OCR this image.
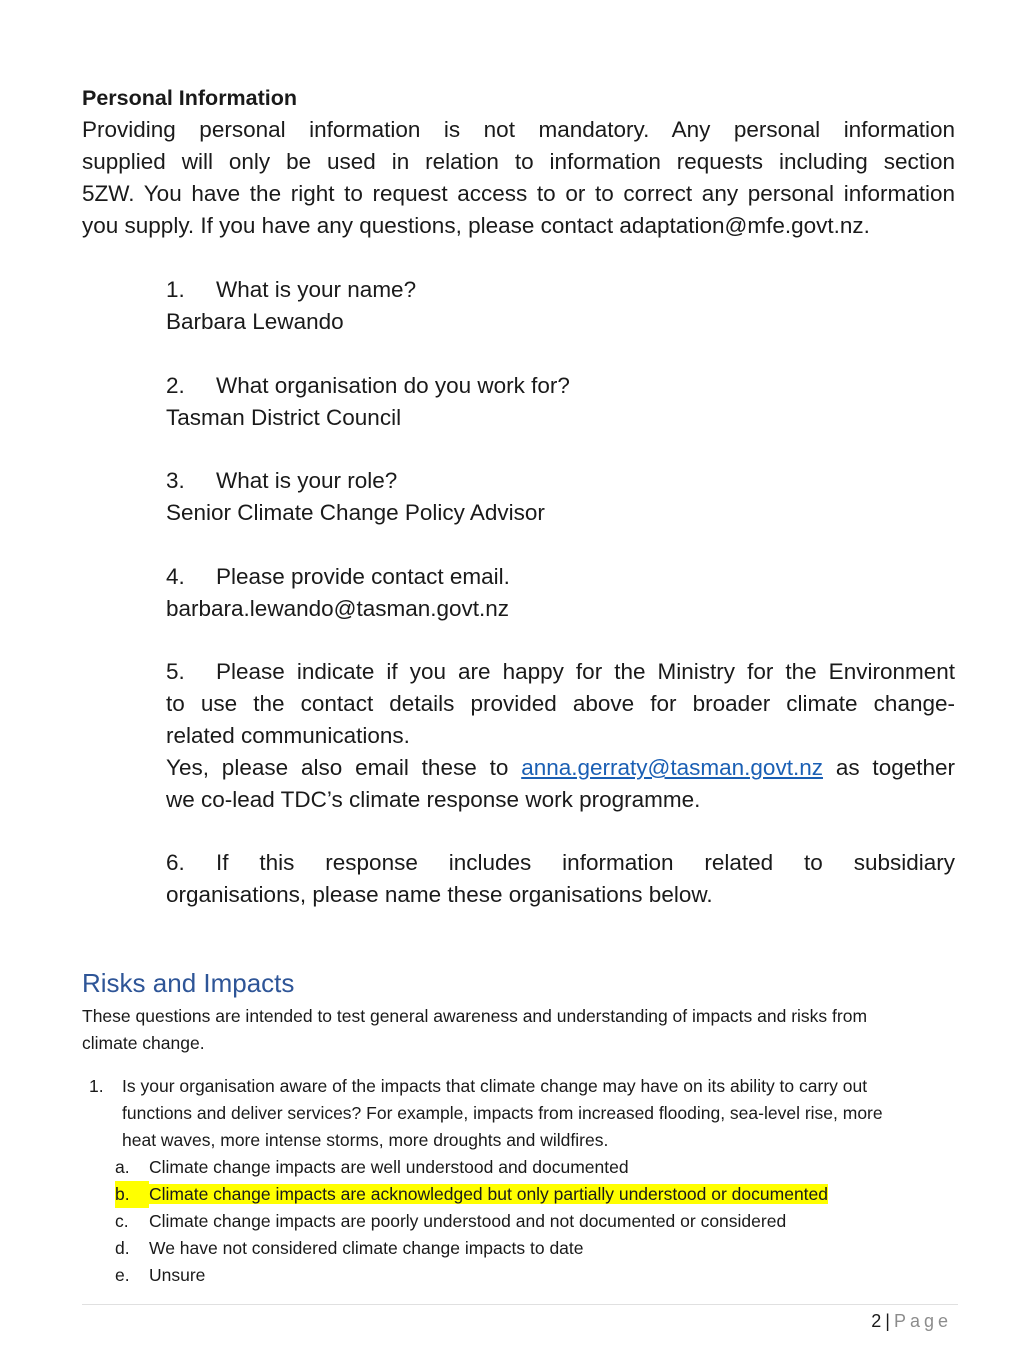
Personal Information
Providing personal information is not mandatory. Any personal information
supplied will only be used in relation to information requests including section
5ZW. You have the right to request access to or to correct any personal information
you supply. If you have any questions, please contact adaptation@mfe.govt.nz.
1. What is your name?
Barbara Lewando
2. What organisation do you work for?
Tasman District Council
3. What is your role?
Senior Climate Change Policy Advisor
4. Please provide contact email.
barbara.lewando@tasman.govt.nz
5. Please indicate if you are happy for the Ministry for the Environment
to use the contact details provided above for broader climate change-
related communications.
Yes, please also email these to anna.gerraty@tasman.govt.nz as together
we co-lead TDC’s climate response work programme.
6. If this response includes information related to subsidiary
organisations, please name these organisations below.
Risks and Impacts
These questions are intended to test general awareness and understanding of impacts and risks from
climate change.
1. Is your organisation aware of the impacts that climate change may have on its ability to carry out
functions and deliver services? For example, impacts from increased flooding, sea-level rise, more
heat waves, more intense storms, more droughts and wildfires.
a. Climate change impacts are well understood and documented
b. Climate change impacts are acknowledged but only partially understood or documented
c. Climate change impacts are poorly understood and not documented or considered
d. We have not considered climate change impacts to date
e. Unsure
2 | Page
